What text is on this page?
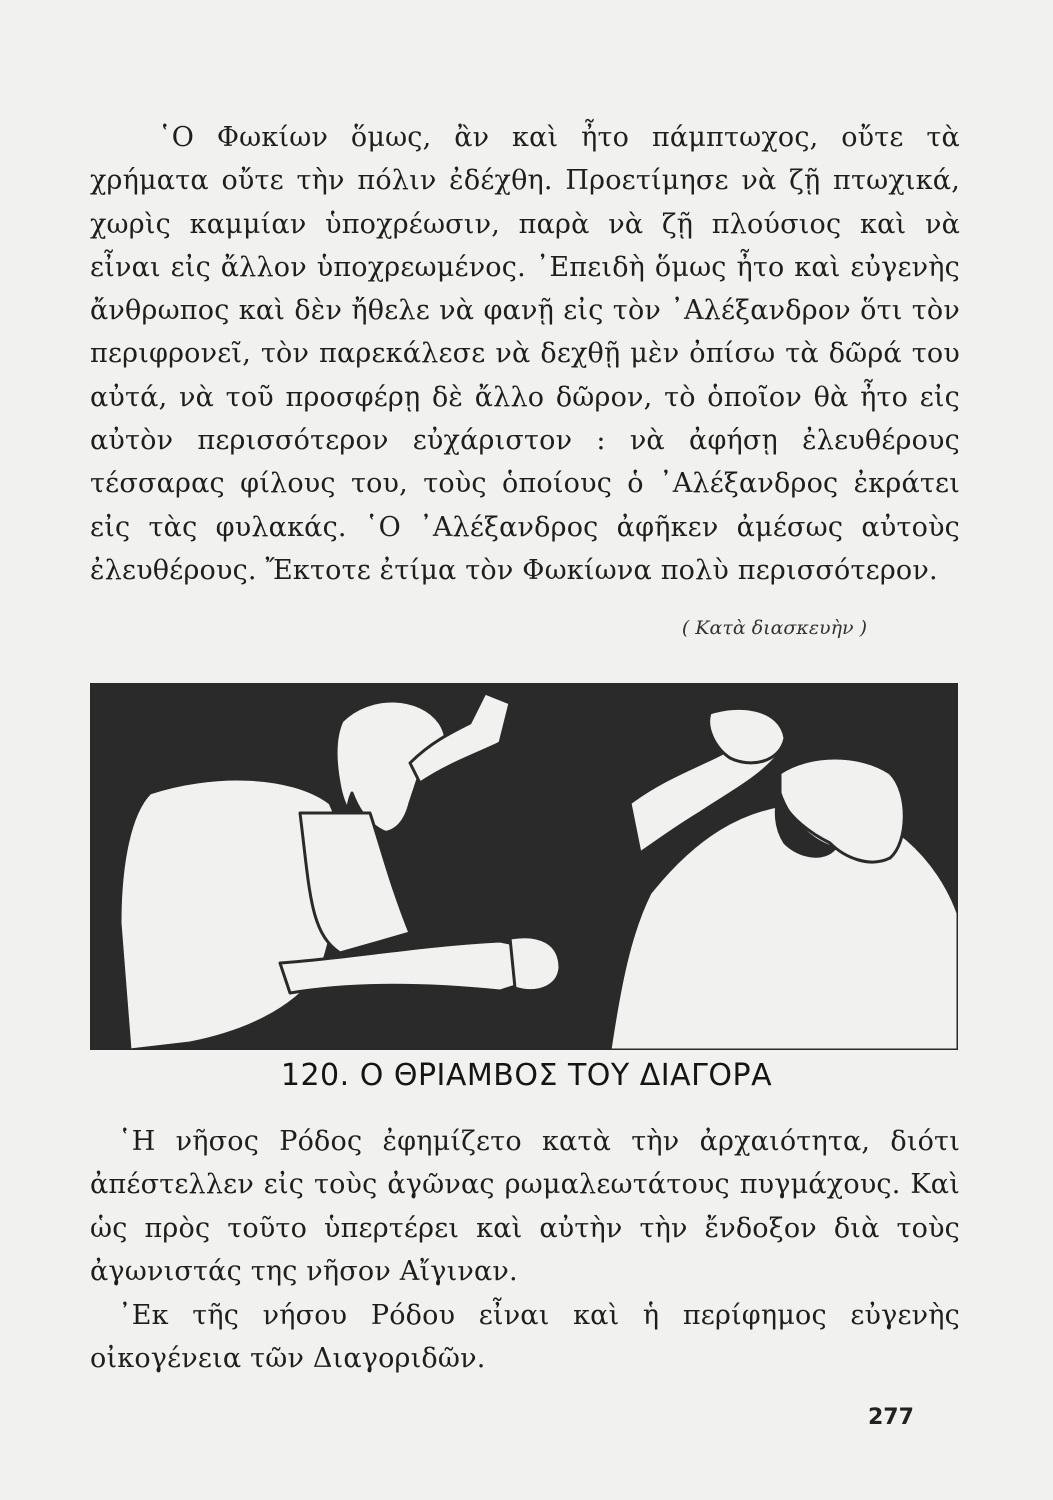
῾Ο Φωκίων ὅμως, ἂν καὶ ἦτο πάμπτωχος, οὔτε τὰ χρήματα οὔτε τὴν πόλιν ἐδέχθη. Προετίμησε νὰ ζῇ πτωχικά, χωρὶς καμμίαν ὑποχρέωσιν, παρὰ νὰ ζῇ πλούσιος καὶ νὰ εἶναι εἰς ἄλλον ὑποχρεωμένος. ᾿Επειδὴ ὅμως ἦτο καὶ εὐγενὴς ἄνθρωπος καὶ δὲν ἤθελε νὰ φανῇ εἰς τὸν ᾿Αλέξανδρον ὅτι τὸν περιφρονεῖ, τὸν παρεκάλεσε νὰ δεχθῇ μὲν ὀπίσω τὰ δῶρά του αὐτά, νὰ τοῦ προσφέρῃ δὲ ἄλλο δῶρον, τὸ ὁποῖον θὰ ἦτο εἰς αὐτὸν περισσότερον εὐχάριστον : νὰ ἀφήσῃ ἐλευθέρους τέσσαρας φίλους του, τοὺς ὁποίους ὁ ᾿Αλέξανδρος ἐκράτει εἰς τὰς φυλακάς. ῾Ο ᾿Αλέξανδρος ἀφῆκεν ἀμέσως αὐτοὺς ἐλευθέρους. Ἔκτοτε ἐτίμα τὸν Φωκίωνα πολὺ περισσότερον.

( Κατὰ διασκευὴν )
120. Ο ΘΡΙΑΜΒΟΣ ΤΟΥ ΔΙΑΓΟΡΑ

῾Η νῆσος Ρόδος ἐφημίζετο κατὰ τὴν ἀρχαιότητα, διότι ἀπέστελλεν εἰς τοὺς ἀγῶνας ρωμαλεωτάτους πυγμάχους. Καὶ ὡς πρὸς τοῦτο ὑπερτέρει καὶ αὐτὴν τὴν ἔνδοξον διὰ τοὺς ἀγωνιστάς της νῆσον Αἴγιναν.

᾿Εκ τῆς νήσου Ρόδου εἶναι καὶ ἡ περίφημος εὐγενὴς οἰκογένεια τῶν Διαγοριδῶν.

277
